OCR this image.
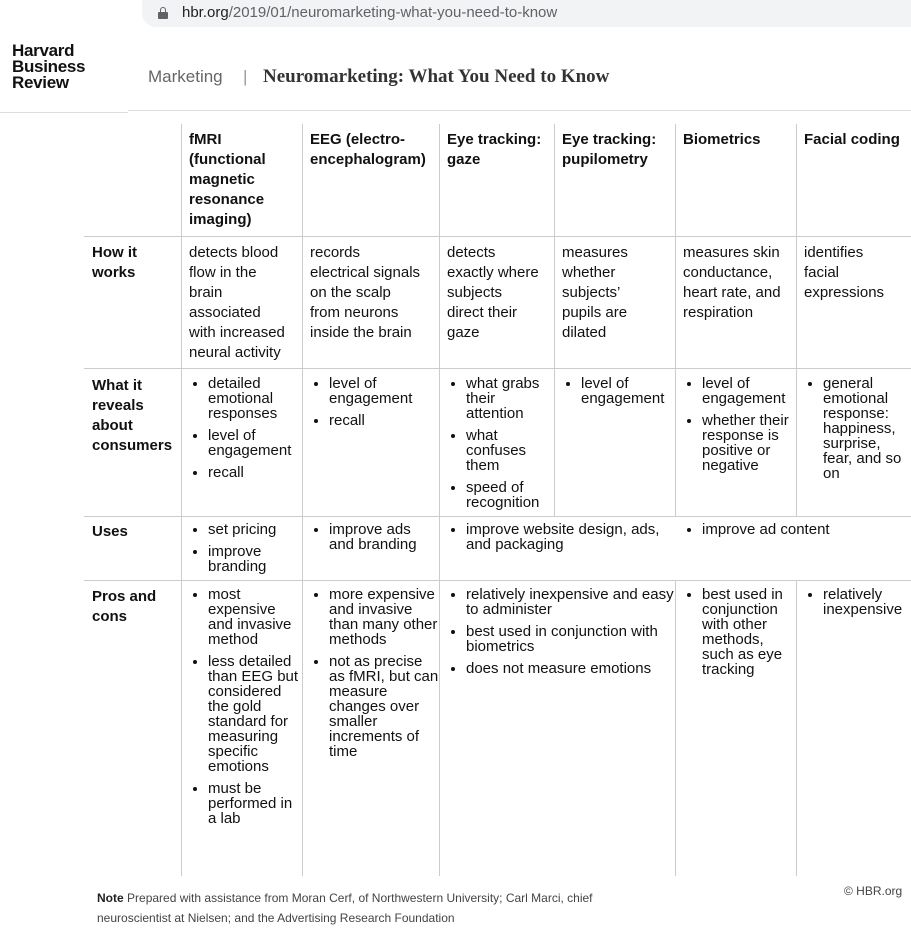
hbr.org/2019/01/neuromarketing-what-you-need-to-know
Harvard
Business
Review	Marketing | Neuromarketing: What You Need to Know
fMRI
(functional
magnetic
resonance
imaging)
EEG (electro-
encephalogram)
Eye tracking:
gaze
Eye tracking:
pupilometry
Biometrics	Facial coding
How it
works
detects blood
flow in the
brain
associated
with increased
neural activity
records
electrical signals
on the scalp
from neurons
inside the brain
detects
exactly where
subjects
direct their
gaze
measures
whether
subjects’
pupils are
dilated
measures skin
conductance,
heart rate, and
respiration
identifies
facial
expressions
What it
reveals
about
consumers
• detailed emotional responses
• level of engagement
• recall
• level of engagement
• recall
• what grabs their attention
• what confuses them
• speed of recognition
• level of engagement
• level of engagement
• whether their response is positive or negative
• general emotional response: happiness, surprise, fear, and so on
Uses
•	set pricing
• improve branding
• improve ads and branding
• improve website design, ads, and packaging
• improve ad content
Pros and
cons
• most expensive and invasive method
• less detailed than EEG but considered the gold standard for measuring specific emotions
• must be performed in a lab
• more expensive and invasive than many other methods
• not as precise as fMRI, but can measure changes over smaller increments of time
• relatively inexpensive and easy to administer
• best used in conjunction with biometrics
• does not measure emotions
• best used in conjunction with other methods, such as eye tracking
• relatively inexpensive
Note Prepared with assistance from Moran Cerf, of Northwestern University; Carl Marci, chief neuroscientist at Nielsen; and the Advertising Research Foundation
© HBR.org
